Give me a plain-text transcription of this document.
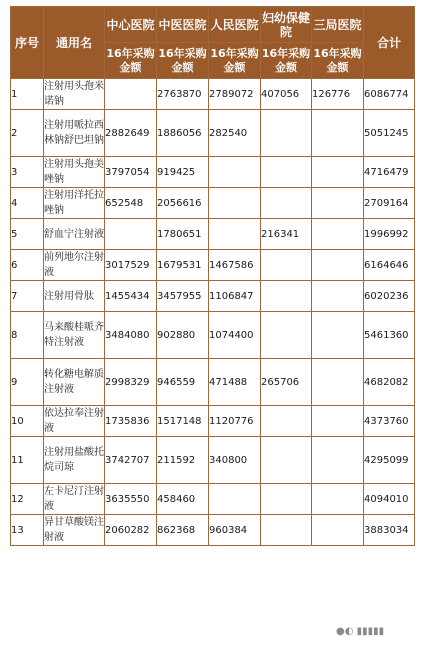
序号	通用名	中心医院	中医医院	人民医院	妇幼保健院	三局医院	合计
		16年采购金额	16年采购金额	16年采购金额	16年采购金额	16年采购金额	
1	注射用头孢米诺钠		2763870	2789072	407056	126776	6086774
2	注射用哌拉西林钠舒巴坦钠	2882649	1886056	282540			5051245
3	注射用头孢美唑钠	3797054	919425				4716479
4	注射用洋托拉唑钠	652548	2056616				2709164
5	舒血宁注射液		1780651		216341		1996992
6	前列地尔注射液	3017529	1679531	1467586			6164646
7	注射用骨肽	1455434	3457955	1106847			6020236
8	马来酸桂哌齐特注射液	3484080	902880	1074400			5461360
9	转化糖电解质注射液	2998329	946559	471488	265706		4682082
10	依达拉奉注射液	1735836	1517148	1120776			4373760
11	注射用盐酸托烷司琼	3742707	211592	340800			4295099
12	左卡尼汀注射液	3635550	458460				4094010
13	异甘草酸镁注射液	2060282	862368	960384			3883034
●◐ ▮▮▮▮▮
